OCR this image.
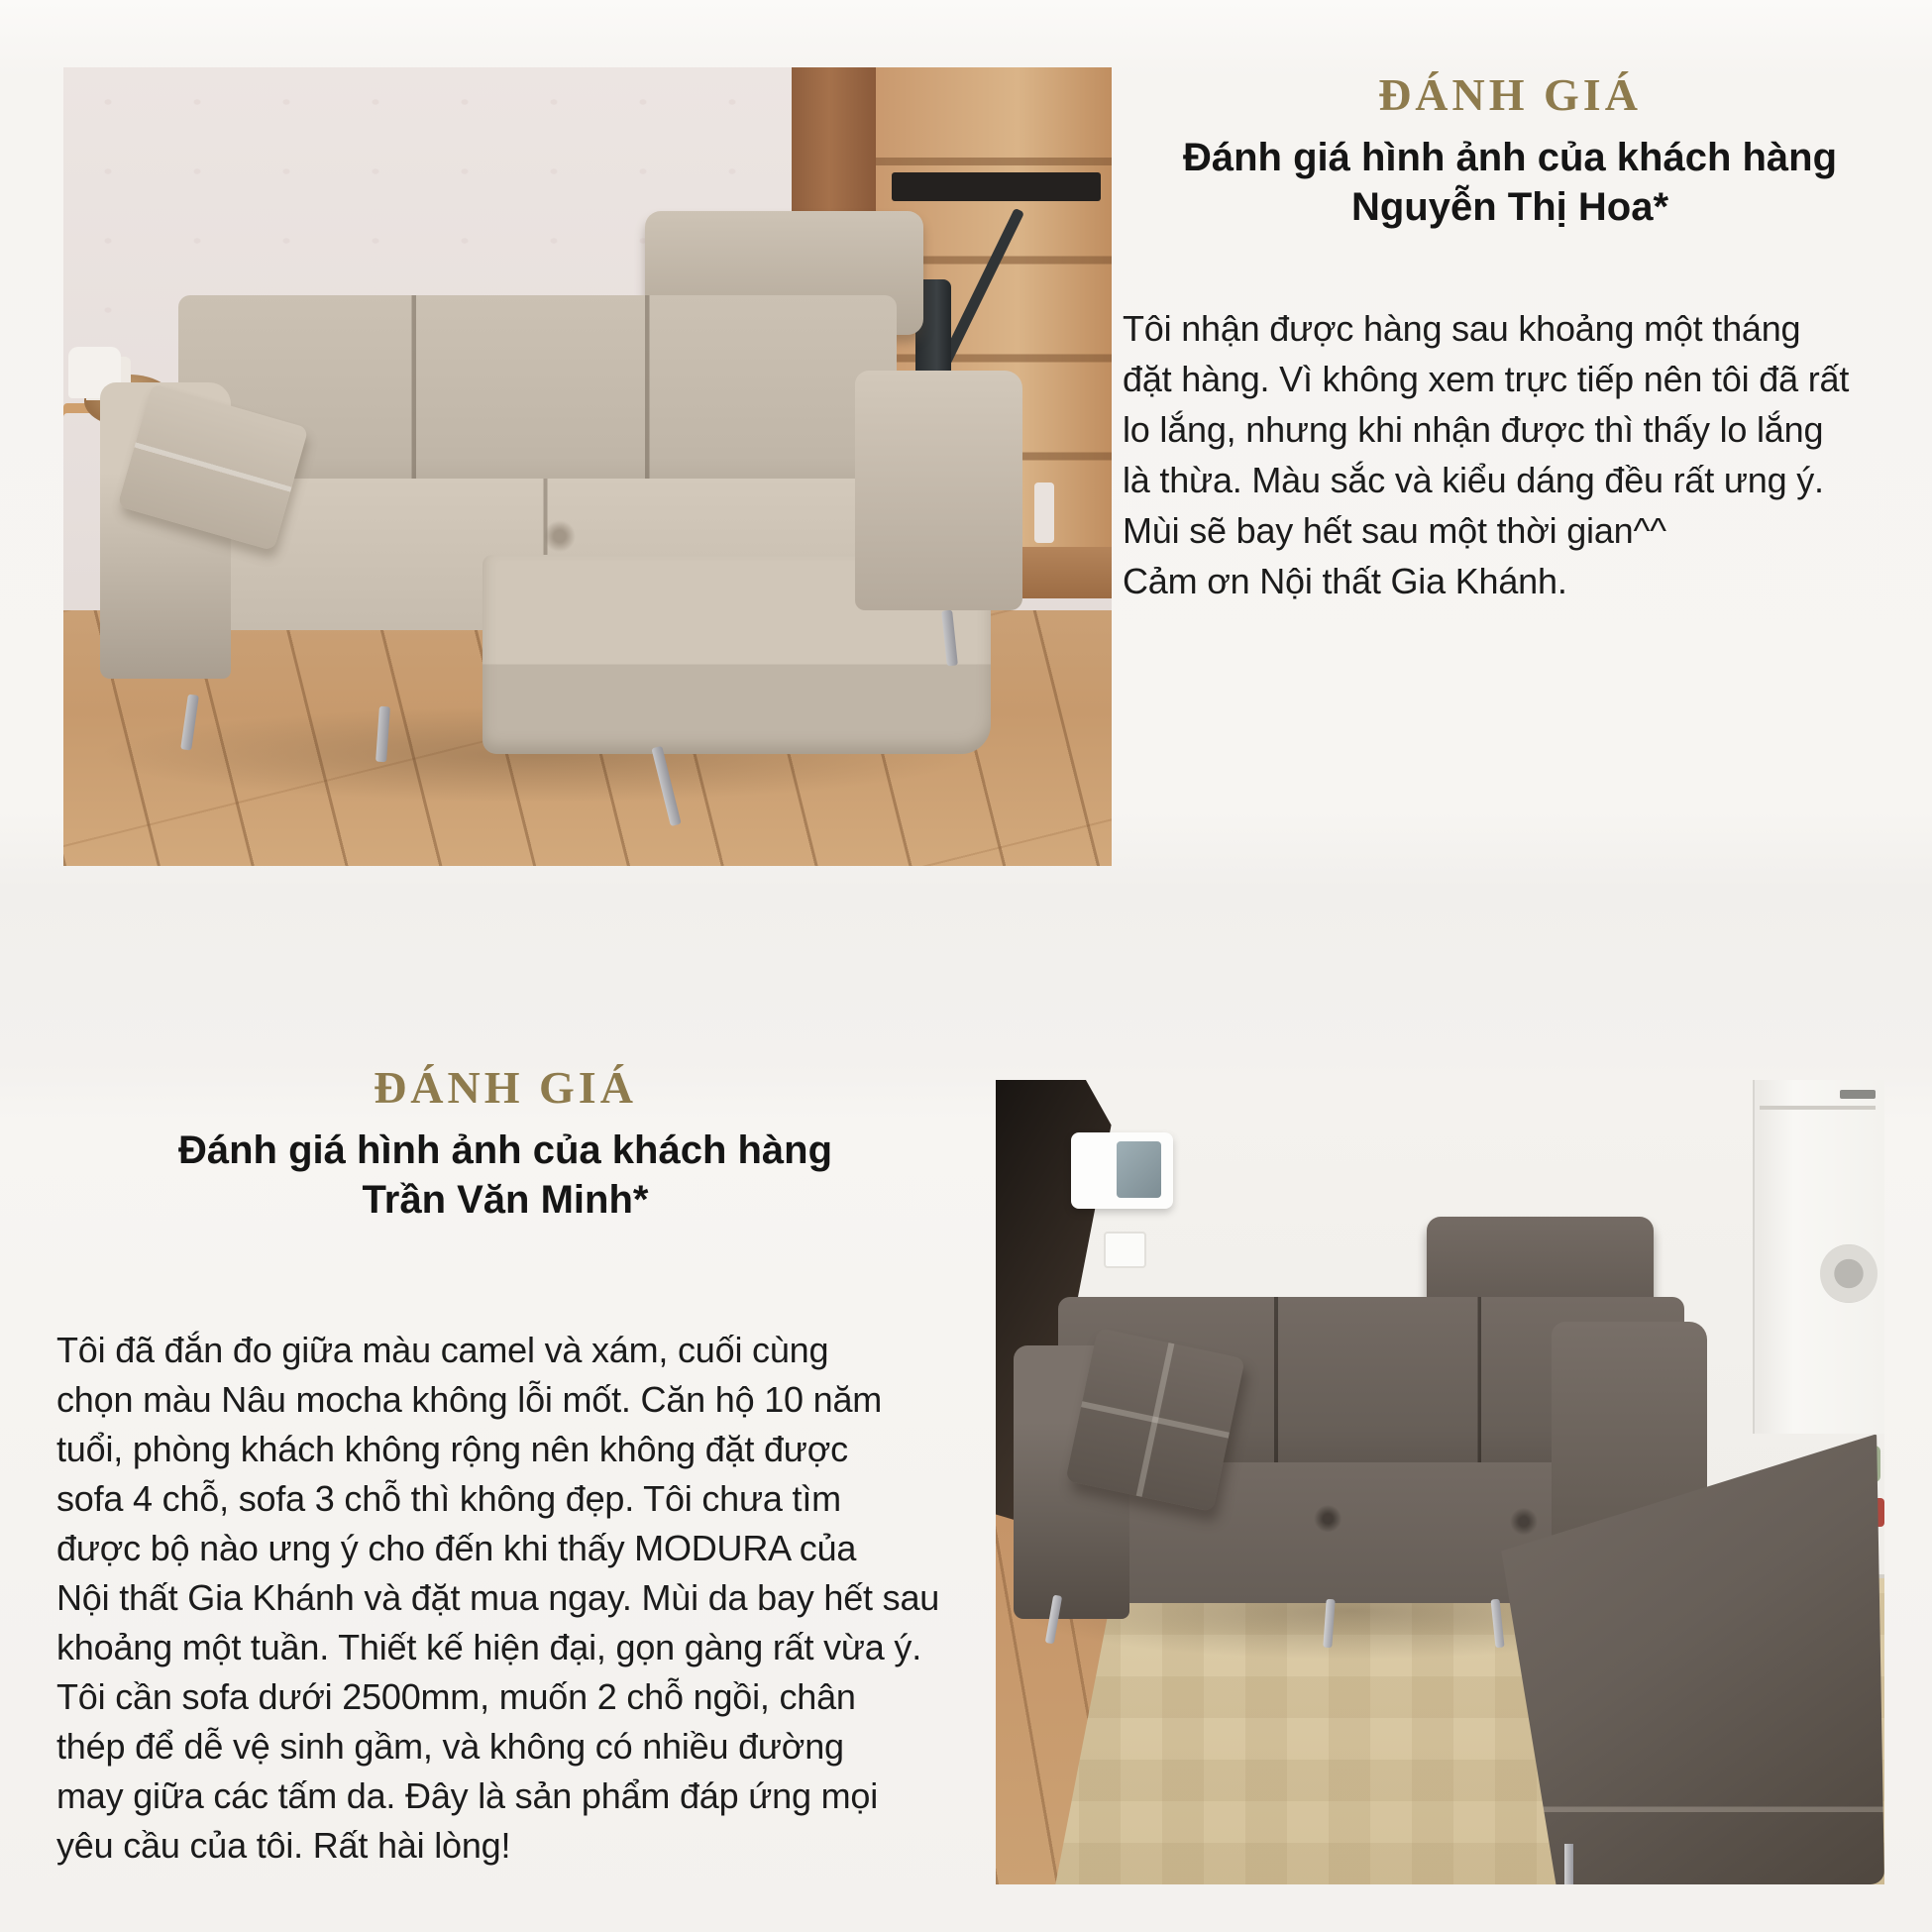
ĐÁNH GIÁ
Đánh giá hình ảnh của khách hàng
Nguyễn Thị Hoa*
Tôi nhận được hàng sau khoảng một tháng
đặt hàng. Vì không xem trực tiếp nên tôi đã rất
lo lắng, nhưng khi nhận được thì thấy lo lắng
là thừa. Màu sắc và kiểu dáng đều rất ưng ý.
Mùi sẽ bay hết sau một thời gian^^
Cảm ơn Nội thất Gia Khánh.
ĐÁNH GIÁ
Đánh giá hình ảnh của khách hàng
Trần Văn Minh*
Tôi đã đắn đo giữa màu camel và xám, cuối cùng
chọn màu Nâu mocha không lỗi mốt. Căn hộ 10 năm
tuổi, phòng khách không rộng nên không đặt được
sofa 4 chỗ, sofa 3 chỗ thì không đẹp. Tôi chưa tìm
được bộ nào ưng ý cho đến khi thấy MODURA của
Nội thất Gia Khánh và đặt mua ngay. Mùi da bay hết sau
khoảng một tuần. Thiết kế hiện đại, gọn gàng rất vừa ý.
Tôi cần sofa dưới 2500mm, muốn 2 chỗ ngồi, chân
thép để dễ vệ sinh gầm, và không có nhiều đường
may giữa các tấm da. Đây là sản phẩm đáp ứng mọi
yêu cầu của tôi. Rất hài lòng!
